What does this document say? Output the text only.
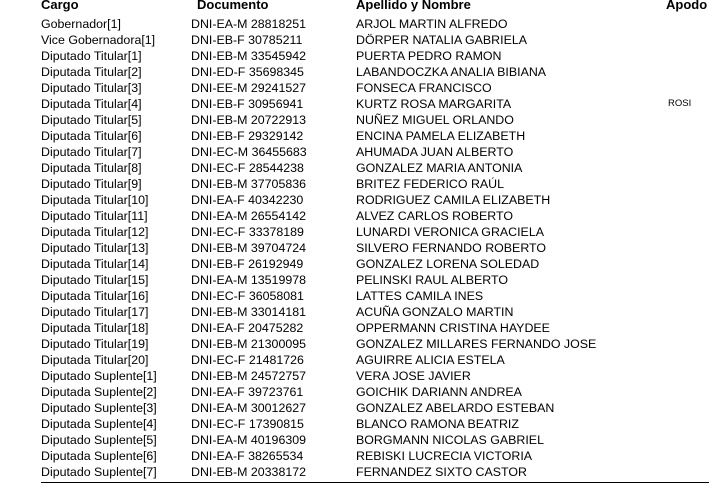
Cargo	Documento	Apellido y Nombre	Apodo
Gobernador[1]	DNI-EA-M 28818251	ARJOL MARTIN ALFREDO
Vice Gobernadora[1]	DNI-EB-F 30785211	DÖRPER NATALIA GABRIELA
Diputado Titular[1]	DNI-EB-M 33545942	PUERTA PEDRO RAMON
Diputada Titular[2]	DNI-ED-F 35698345	LABANDOCZKA ANALIA BIBIANA
Diputado Titular[3]	DNI-EE-M 29241527	FONSECA FRANCISCO
Diputada Titular[4]	DNI-EB-F 30956941	KURTZ ROSA MARGARITA	ROSI
Diputado Titular[5]	DNI-EB-M 20722913	NUÑEZ MIGUEL ORLANDO
Diputada Titular[6]	DNI-EB-F 29329142	ENCINA PAMELA ELIZABETH
Diputado Titular[7]	DNI-EC-M 36455683	AHUMADA JUAN ALBERTO
Diputada Titular[8]	DNI-EC-F 28544238	GONZALEZ MARIA ANTONIA
Diputado Titular[9]	DNI-EB-M 37705836	BRITEZ FEDERICO RAÚL
Diputada Titular[10]	DNI-EA-F 40342230	RODRIGUEZ CAMILA ELIZABETH
Diputado Titular[11]	DNI-EA-M 26554142	ALVEZ CARLOS ROBERTO
Diputada Titular[12]	DNI-EC-F 33378189	LUNARDI VERONICA GRACIELA
Diputado Titular[13]	DNI-EB-M 39704724	SILVERO FERNANDO ROBERTO
Diputada Titular[14]	DNI-EB-F 26192949	GONZALEZ LORENA SOLEDAD
Diputado Titular[15]	DNI-EA-M 13519978	PELINSKI RAUL ALBERTO
Diputada Titular[16]	DNI-EC-F 36058081	LATTES CAMILA INES
Diputado Titular[17]	DNI-EB-M 33014181	ACUÑA GONZALO MARTIN
Diputada Titular[18]	DNI-EA-F 20475282	OPPERMANN CRISTINA HAYDEE
Diputado Titular[19]	DNI-EB-M 21300095	GONZALEZ MILLARES FERNANDO JOSE
Diputada Titular[20]	DNI-EC-F 21481726	AGUIRRE ALICIA ESTELA
Diputado Suplente[1]	DNI-EB-M 24572757	VERA JOSE JAVIER
Diputada Suplente[2]	DNI-EA-F 39723761	GOICHIK DARIANN ANDREA
Diputado Suplente[3]	DNI-EA-M 30012627	GONZALEZ ABELARDO ESTEBAN
Diputada Suplente[4]	DNI-EC-F 17390815	BLANCO RAMONA BEATRIZ
Diputado Suplente[5]	DNI-EA-M 40196309	BORGMANN NICOLAS GABRIEL
Diputada Suplente[6]	DNI-EA-F 38265534	REBISKI LUCRECIA VICTORIA
Diputado Suplente[7]	DNI-EB-M 20338172	FERNANDEZ SIXTO CASTOR
